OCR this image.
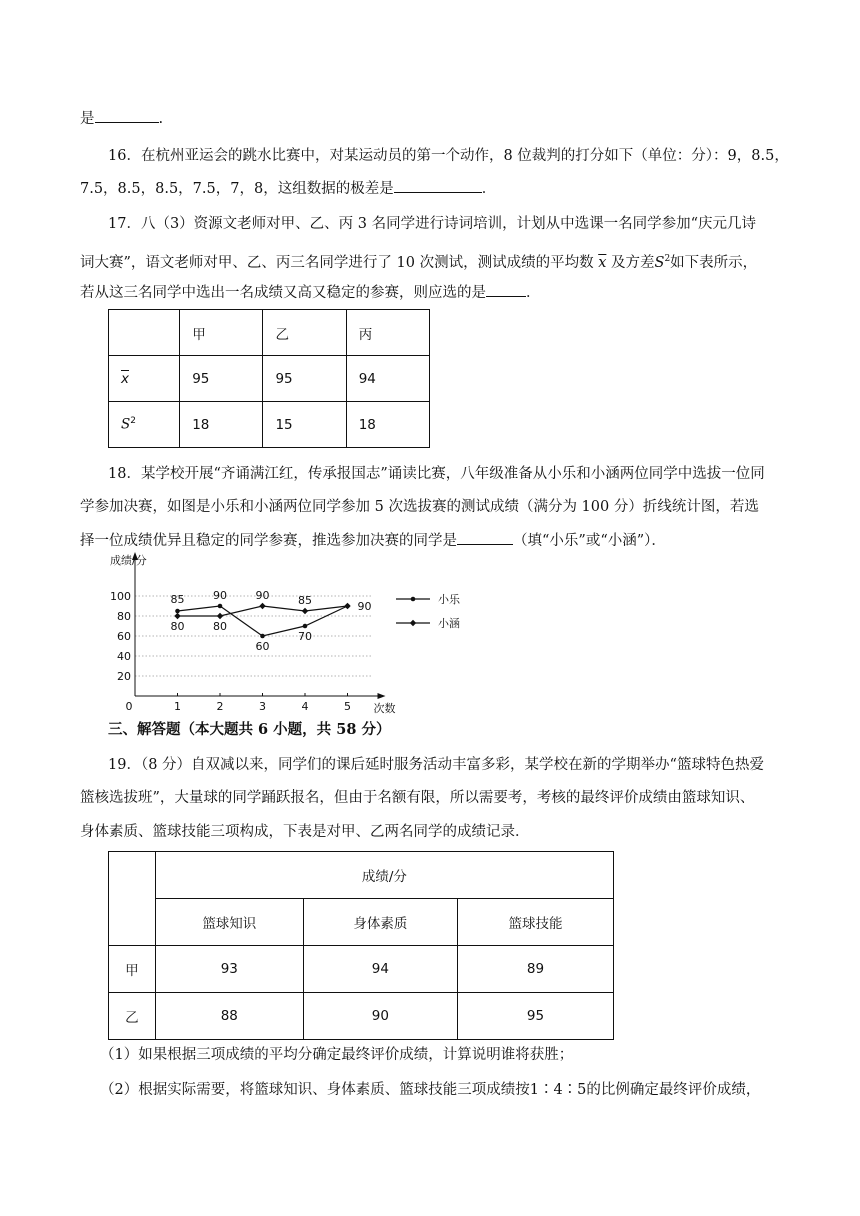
是	.
16．在杭州亚运会的跳水比赛中，对某运动员的第一个动作，8 位裁判的打分如下（单位：分）：9，8.5，
7.5，8.5，8.5，7.5，7，8，这组数据的极差是	．
17．八（3）资源文老师对甲、乙、丙 3 名同学进行诗词培训，计划从中选课一名同学参加“庆元几诗
词大赛”，语文老师对甲、乙、丙三名同学进行了 10 次测试，测试成绩的平均数 $\overline{x}$ 及方差$S^2$如下表所示，
若从这三名同学中选出一名成绩又高又稳定的参赛，则应选的是	．
	甲	乙	丙
$\overline{x}$	95	95	94
$S^2$	18	15	18
18．某学校开展“齐诵满江红，传承报国志”诵读比赛，八年级准备从小乐和小涵两位同学中选拔一位同
学参加决赛，如图是小乐和小涵两位同学参加 5 次选拔赛的测试成绩（满分为 100 分）折线统计图，若选
择一位成绩优异且稳定的同学参赛，推选参加决赛的同学是	（填“小乐”或“小涵”）．
20
40
60
80
100
0	1	2	3	4	5
成绩/分
次数
85	90
60
70
90
80	80
90	85	小乐
小涵
三、解答题（本大题共 6 小题，共 58 分）
19．（8 分）自双减以来，同学们的课后延时服务活动丰富多彩，某学校在新的学期举办“篮球特色热爱
篮核选拔班”，大量球的同学踊跃报名，但由于名额有限，所以需要考，考核的最终评价成绩由篮球知识、
身体素质、篮球技能三项构成，下表是对甲、乙两名同学的成绩记录．
	成绩/分		
	篮球知识	身体素质	篮球技能
甲	93	94	89
乙	88	90	95
（1）如果根据三项成绩的平均分确定最终评价成绩，计算说明谁将获胜；
（2）根据实际需要，将篮球知识、身体素质、篮球技能三项成绩按1∶4∶5的比例确定最终评价成绩，
